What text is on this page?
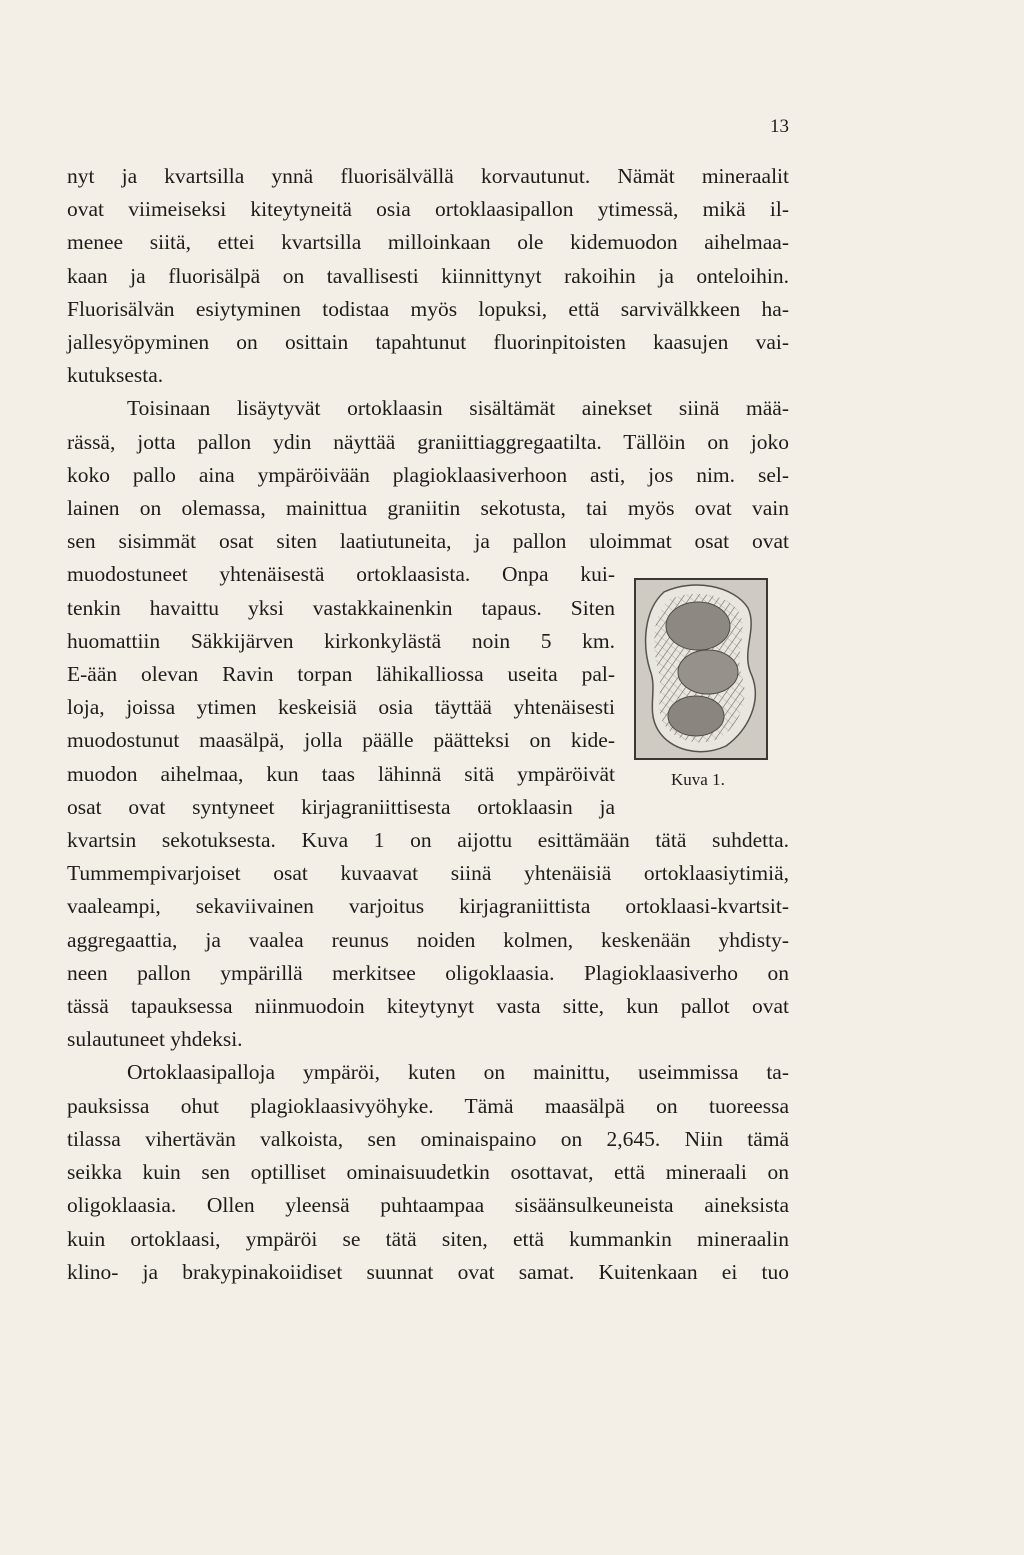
13
nyt ja kvartsilla ynnä fluorisälvällä korvautunut. Nämät mineraalit
ovat viimeiseksi kiteytyneitä osia ortoklaasipallon ytimessä, mikä il-
menee siitä, ettei kvartsilla milloinkaan ole kidemuodon aihelmaa-
kaan ja fluorisälpä on tavallisesti kiinnittynyt rakoihin ja onteloihin.
Fluorisälvän esiytyminen todistaa myös lopuksi, että sarvivälkkeen ha-
jallesyöpyminen on osittain tapahtunut fluorinpitoisten kaasujen vai-
kutuksesta.
Toisinaan lisäytyvät ortoklaasin sisältämät ainekset siinä mää-
rässä, jotta pallon ydin näyttää graniittiaggregaatilta. Tällöin on joko
koko pallo aina ympäröivään plagioklaasiverhoon asti, jos nim. sel-
lainen on olemassa, mainittua graniitin sekotusta, tai myös ovat vain
sen sisimmät osat siten laatiutuneita, ja pallon uloimmat osat ovat
muodostuneet yhtenäisestä ortoklaasista. Onpa kui-
tenkin havaittu yksi vastakkainenkin tapaus. Siten
huomattiin Säkkijärven kirkonkylästä noin 5 km.
E-ään olevan Ravin torpan lähikalliossa useita pal-
loja, joissa ytimen keskeisiä osia täyttää yhtenäisesti
muodostunut maasälpä, jolla päälle päätteksi on kide-
muodon aihelmaa, kun taas lähinnä sitä ympäröivät
osat ovat syntyneet kirjagraniittisesta ortoklaasin ja
kvartsin sekotuksesta. Kuva 1 on aijottu esittämään tätä suhdetta.
Tummempivarjoiset osat kuvaavat siinä yhtenäisiä ortoklaasiytimiä,
vaaleampi, sekaviivainen varjoitus kirjagraniittista ortoklaasi-kvartsit-
aggregaattia, ja vaalea reunus noiden kolmen, keskenään yhdisty-
neen pallon ympärillä merkitsee oligoklaasia. Plagioklaasiverho on
tässä tapauksessa niinmuodoin kiteytynyt vasta sitte, kun pallot ovat
sulautuneet yhdeksi.
Ortoklaasipalloja ympäröi, kuten on mainittu, useimmissa ta-
pauksissa ohut plagioklaasivyöhyke. Tämä maasälpä on tuoreessa
tilassa vihertävän valkoista, sen ominaispaino on 2,645. Niin tämä
seikka kuin sen optilliset ominaisuudetkin osottavat, että mineraali on
oligoklaasia. Ollen yleensä puhtaampaa sisäänsulkeuneista aineksista
kuin ortoklaasi, ympäröi se tätä siten, että kummankin mineraalin
klino- ja brakypinakoiidiset suunnat ovat samat. Kuitenkaan ei tuo
Kuva 1.
